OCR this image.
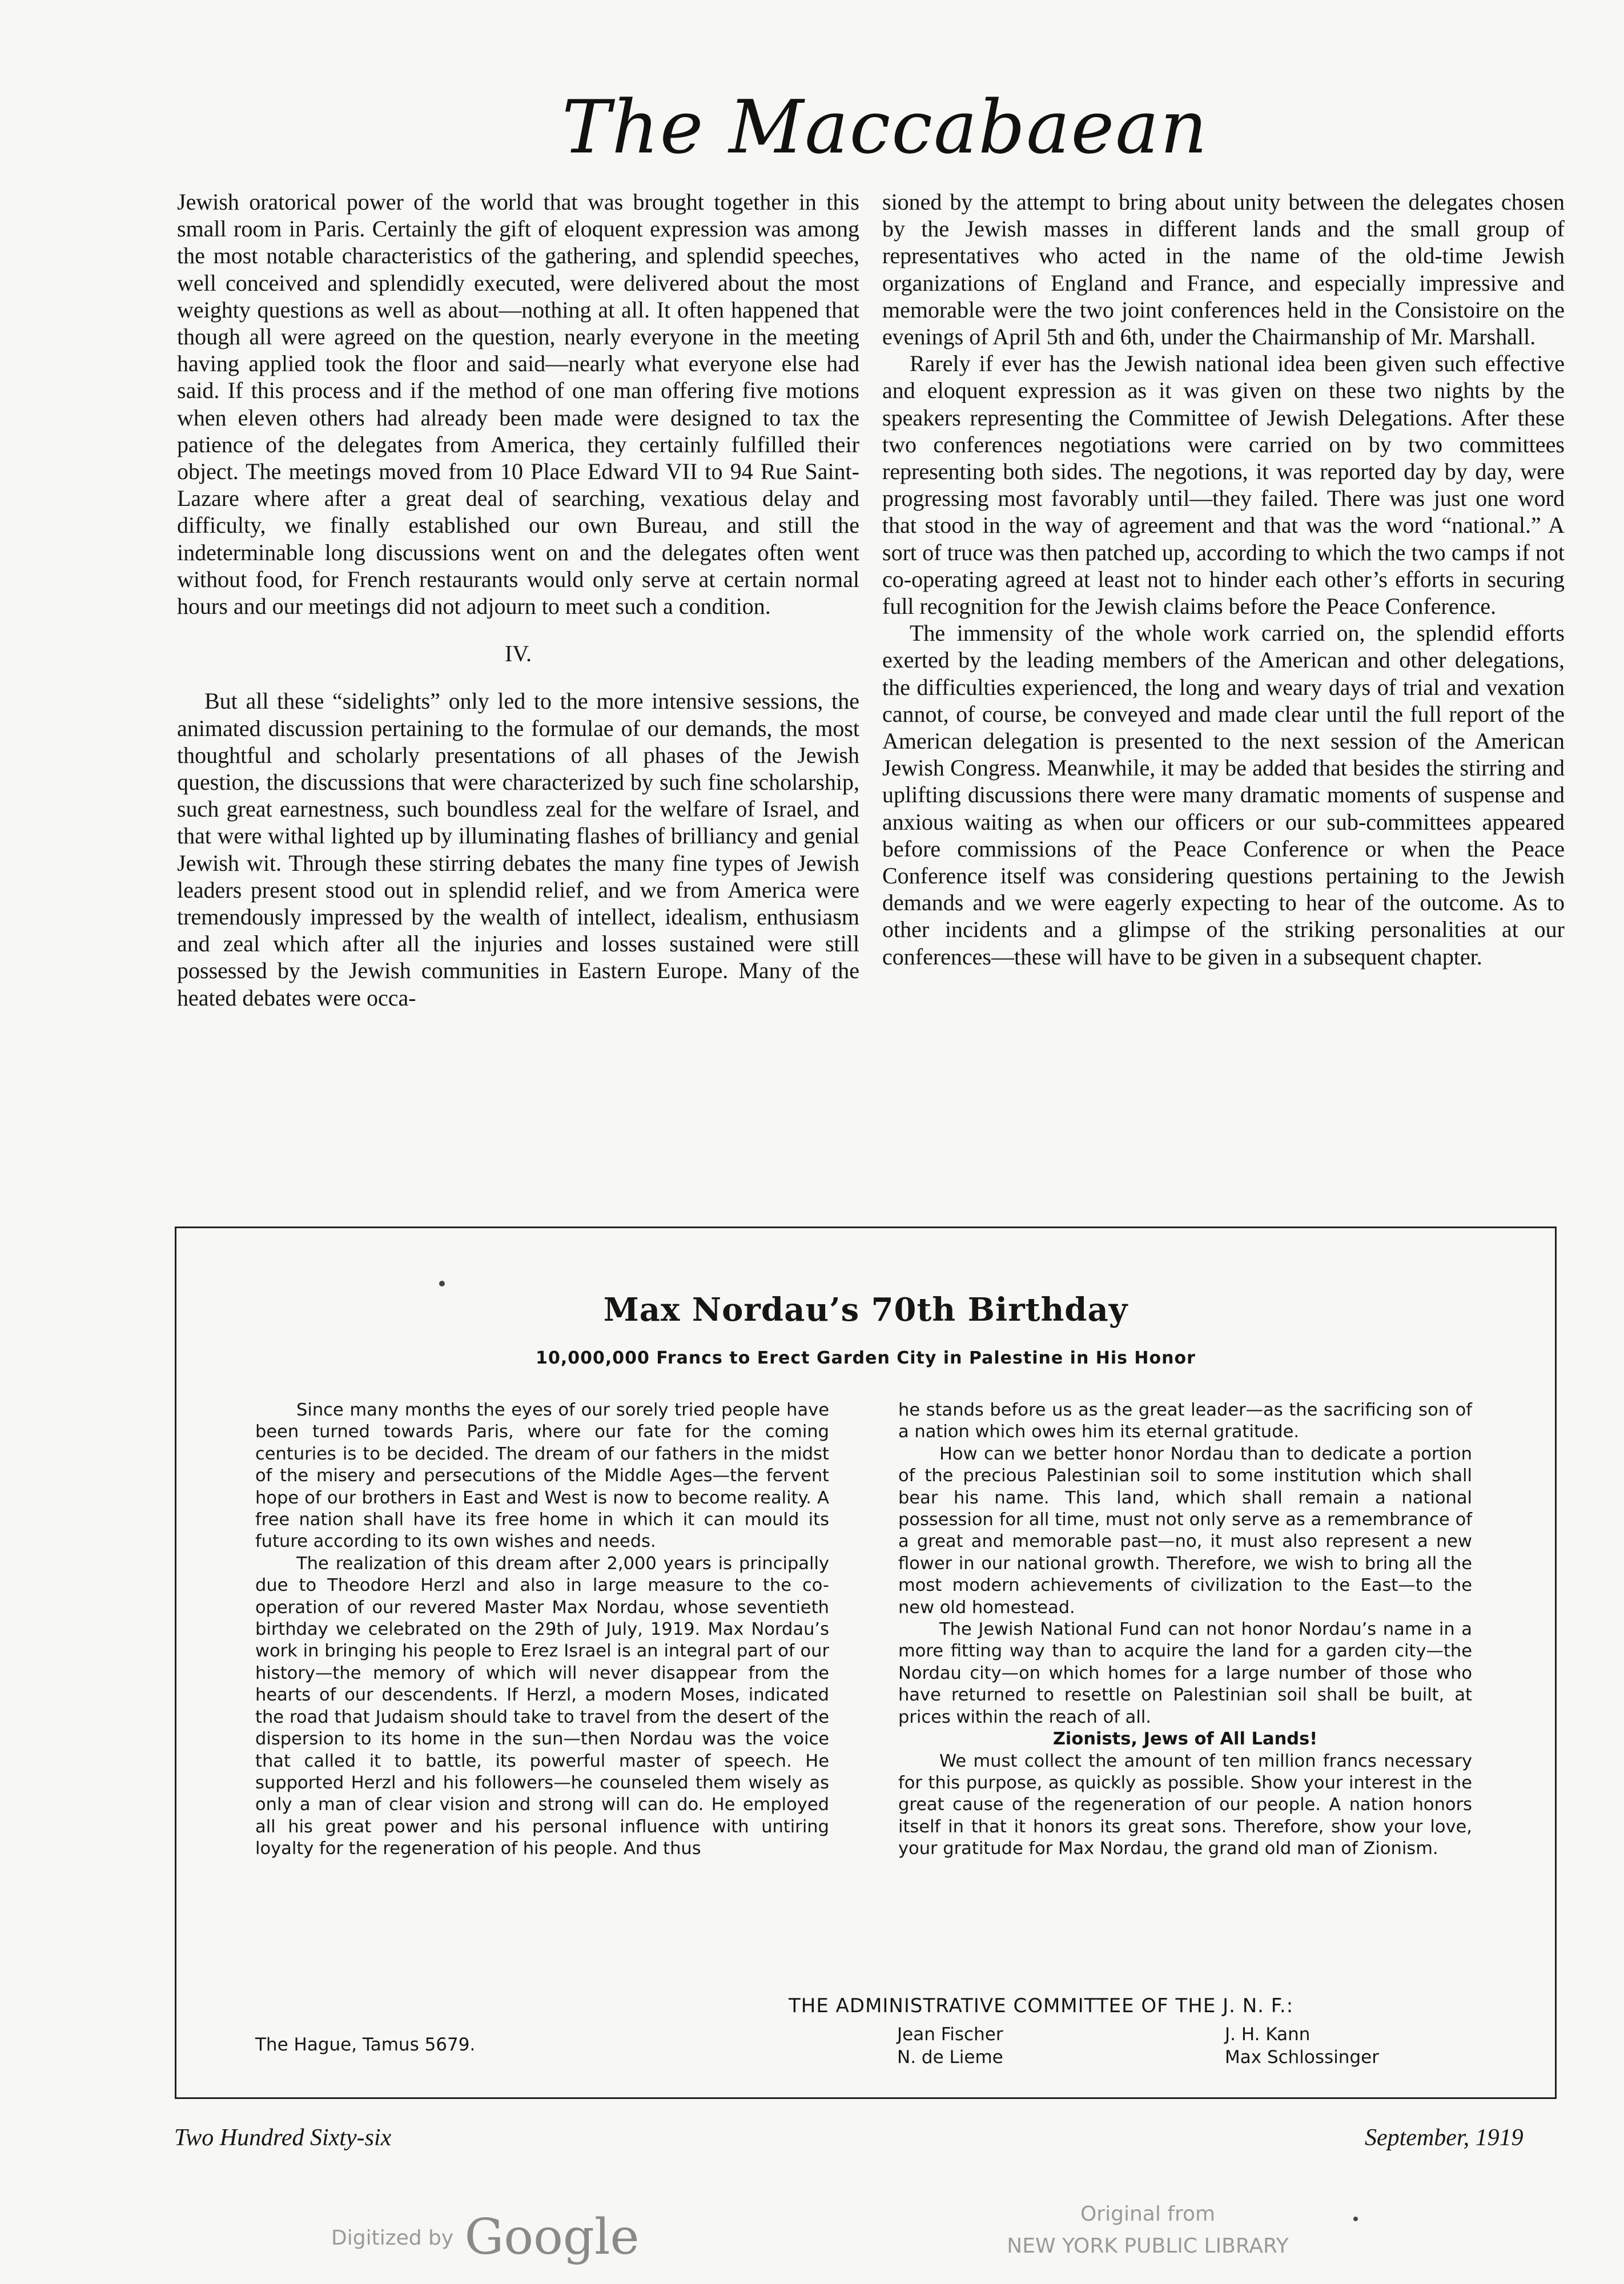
The Maccabaean

Jewish oratorical power of the world that was brought together in this small room in Paris. Certainly the gift of eloquent expression was among the most notable characteristics of the gathering, and splendid speeches, well conceived and splendidly executed, were delivered about the most weighty questions as well as about—nothing at all. It often happened that though all were agreed on the question, nearly everyone in the meeting having applied took the floor and said—nearly what everyone else had said. If this process and if the method of one man offering five motions when eleven others had already been made were designed to tax the patience of the delegates from America, they certainly fulfilled their object. The meetings moved from 10 Place Edward VII to 94 Rue Saint-Lazare where after a great deal of searching, vexatious delay and difficulty, we finally established our own Bureau, and still the indeterminable long discussions went on and the delegates often went without food, for French restaurants would only serve at certain normal hours and our meetings did not adjourn to meet such a condition.

IV.

But all these “sidelights” only led to the more intensive sessions, the animated discussion pertaining to the formulae of our demands, the most thoughtful and scholarly presentations of all phases of the Jewish question, the discussions that were characterized by such fine scholarship, such great earnestness, such boundless zeal for the welfare of Israel, and that were withal lighted up by illuminating flashes of brilliancy and genial Jewish wit. Through these stirring debates the many fine types of Jewish leaders present stood out in splendid relief, and we from America were tremendously impressed by the wealth of intellect, idealism, enthusiasm and zeal which after all the injuries and losses sustained were still possessed by the Jewish communities in Eastern Europe. Many of the heated debates were occa-

sioned by the attempt to bring about unity between the delegates chosen by the Jewish masses in different lands and the small group of representatives who acted in the name of the old-time Jewish organizations of England and France, and especially impressive and memorable were the two joint conferences held in the Consistoire on the evenings of April 5th and 6th, under the Chairmanship of Mr. Marshall.

Rarely if ever has the Jewish national idea been given such effective and eloquent expression as it was given on these two nights by the speakers representing the Committee of Jewish Delegations. After these two conferences negotiations were carried on by two committees representing both sides. The negotions, it was reported day by day, were progressing most favorably until—they failed. There was just one word that stood in the way of agreement and that was the word “national.” A sort of truce was then patched up, according to which the two camps if not co-operating agreed at least not to hinder each other’s efforts in securing full recognition for the Jewish claims before the Peace Conference.

The immensity of the whole work carried on, the splendid efforts exerted by the leading members of the American and other delegations, the difficulties experienced, the long and weary days of trial and vexation cannot, of course, be conveyed and made clear until the full report of the American delegation is presented to the next session of the American Jewish Congress. Meanwhile, it may be added that besides the stirring and uplifting discussions there were many dramatic moments of suspense and anxious waiting as when our officers or our sub-committees appeared before commissions of the Peace Conference or when the Peace Conference itself was considering questions pertaining to the Jewish demands and we were eagerly expecting to hear of the outcome. As to other incidents and a glimpse of the striking personalities at our conferences—these will have to be given in a subsequent chapter.

Max Nordau’s 70th Birthday
10,000,000 Francs to Erect Garden City in Palestine in His Honor

Since many months the eyes of our sorely tried people have been turned towards Paris, where our fate for the coming centuries is to be decided. The dream of our fathers in the midst of the misery and persecutions of the Middle Ages—the fervent hope of our brothers in East and West is now to become reality. A free nation shall have its free home in which it can mould its future according to its own wishes and needs.

The realization of this dream after 2,000 years is principally due to Theodore Herzl and also in large measure to the co-operation of our revered Master Max Nordau, whose seventieth birthday we celebrated on the 29th of July, 1919. Max Nordau’s work in bringing his people to Erez Israel is an integral part of our history—the memory of which will never disappear from the hearts of our descendents. If Herzl, a modern Moses, indicated the road that Judaism should take to travel from the desert of the dispersion to its home in the sun—then Nordau was the voice that called it to battle, its powerful master of speech. He supported Herzl and his followers—he counseled them wisely as only a man of clear vision and strong will can do. He employed all his great power and his personal influence with untiring loyalty for the regeneration of his people. And thus

he stands before us as the great leader—as the sacrificing son of a nation which owes him its eternal gratitude.

How can we better honor Nordau than to dedicate a portion of the precious Palestinian soil to some institution which shall bear his name. This land, which shall remain a national possession for all time, must not only serve as a remembrance of a great and memorable past—no, it must also represent a new flower in our national growth. Therefore, we wish to bring all the most modern achievements of civilization to the East—to the new old homestead.

The Jewish National Fund can not honor Nordau’s name in a more fitting way than to acquire the land for a garden city—the Nordau city—on which homes for a large number of those who have returned to resettle on Palestinian soil shall be built, at prices within the reach of all.

Zionists, Jews of All Lands!

We must collect the amount of ten million francs necessary for this purpose, as quickly as possible. Show your interest in the great cause of the regeneration of our people. A nation honors itself in that it honors its great sons. Therefore, show your love, your gratitude for Max Nordau, the grand old man of Zionism.

THE ADMINISTRATIVE COMMITTEE OF THE J. N. F.:
Jean Fischer
N. de Lieme
J. H. Kann
Max Schlossinger
The Hague, Tamus 5679.
Two Hundred Sixty-six	September, 1919
Digitized by Google	Original from
NEW YORK PUBLIC LIBRARY
